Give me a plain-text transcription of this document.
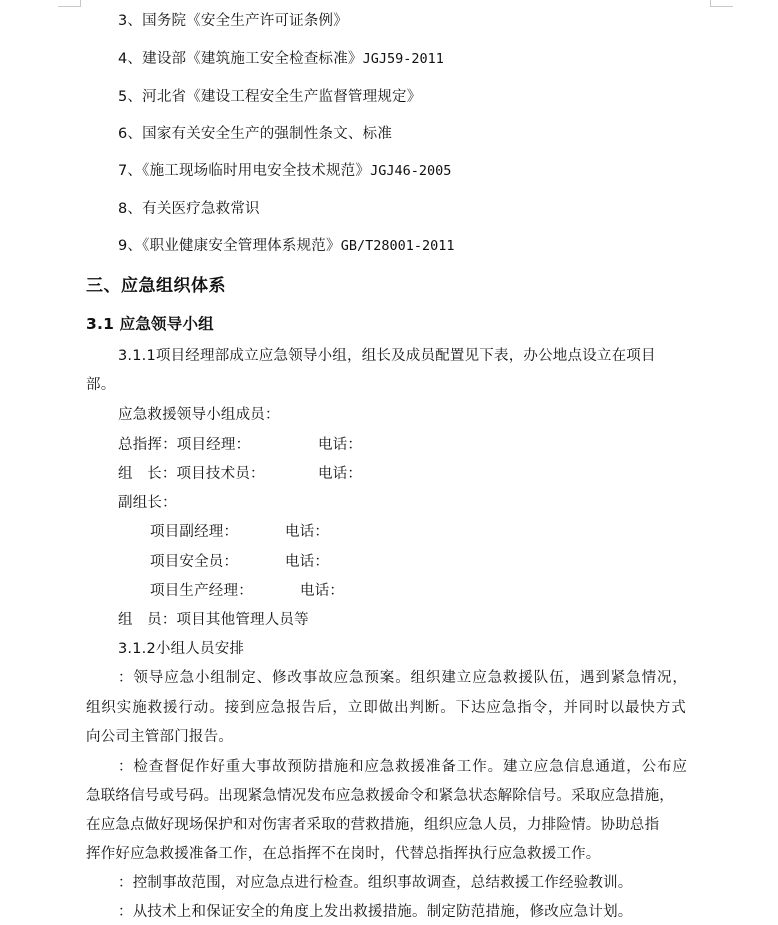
3、国务院《安全生产许可证条例》
4、建设部《建筑施工安全检查标准》JGJ59-2011
5、河北省《建设工程安全生产监督管理规定》
6、国家有关安全生产的强制性条文、标准
7、《施工现场临时用电安全技术规范》JGJ46-2005
8、有关医疗急救常识
9、《职业健康安全管理体系规范》GB/T28001-2011
三、应急组织体系
3.1 应急领导小组
3.1.1项目经理部成立应急领导小组，组长及成员配置见下表，办公地点设立在项目
部。
应急救援领导小组成员：
总指挥：项目经理：	电话：
组   长：项目技术员：	电话：
副组长：
项目副经理：	电话：
项目安全员：	电话：
项目生产经理：	电话：
组   员：项目其他管理人员等
3.1.2小组人员安排
：领导应急小组制定、修改事故应急预案。组织建立应急救援队伍，遇到紧急情况，
组织实施救援行动。接到应急报告后，立即做出判断。下达应急指令，并同时以最快方式
向公司主管部门报告。
：检查督促作好重大事故预防措施和应急救援准备工作。建立应急信息通道，公布应
急联络信号或号码。出现紧急情况发布应急救援命令和紧急状态解除信号。采取应急措施，
在应急点做好现场保护和对伤害者采取的营救措施，组织应急人员，力排险情。协助总指
挥作好应急救援准备工作，在总指挥不在岗时，代替总指挥执行应急救援工作。
：控制事故范围，对应急点进行检查。组织事故调查，总结救援工作经验教训。
：从技术上和保证安全的角度上发出救援措施。制定防范措施，修改应急计划。
